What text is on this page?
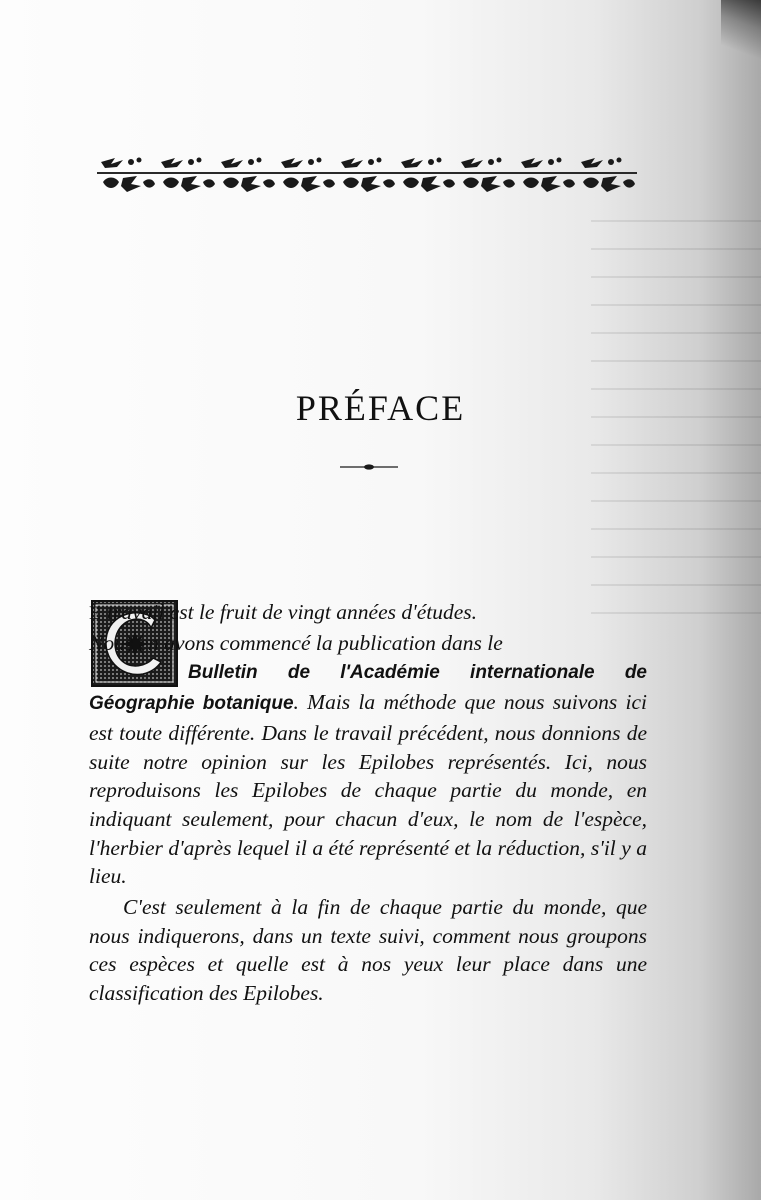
PRÉFACE

E travail est le fruit de vingt années d'études.

Nous en avons commencé la publication dans le

Bulletin de l'Académie internationale de Géographie botanique. Mais la méthode que nous suivons ici est toute différente. Dans le travail précédent, nous donnions de suite notre opinion sur les Epilobes représentés. Ici, nous reproduisons les Epilobes de chaque partie du monde, en indiquant seulement, pour chacun d'eux, le nom de l'espèce, l'herbier d'après lequel il a été représenté et la réduction, s'il y a lieu.

C'est seulement à la fin de chaque partie du monde, que nous indiquerons, dans un texte suivi, comment nous groupons ces espèces et quelle est à nos yeux leur place dans une classification des Epilobes.
